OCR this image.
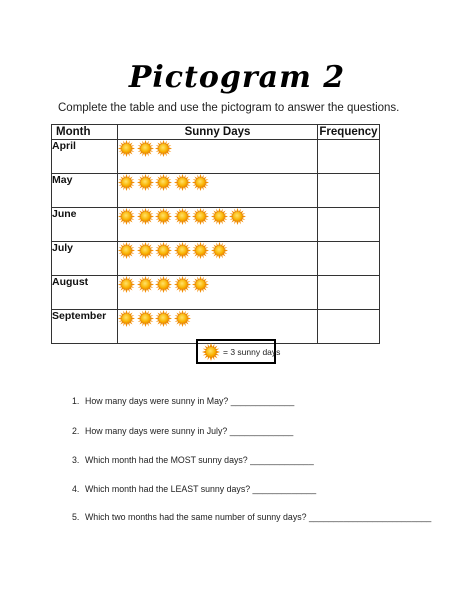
Pictogram 2
Complete the table and use the pictogram to answer the questions.
Month	Sunny Days	Frequency
April		
May		
June		
July		
August		
September		
= 3 sunny days
1. How many days were sunny in May? _____________
2. How many days were sunny in July? _____________
3. Which month had the MOST sunny days? _____________
4. Which month had the LEAST sunny days? _____________
5. Which two months had the same number of sunny days? _________________________
